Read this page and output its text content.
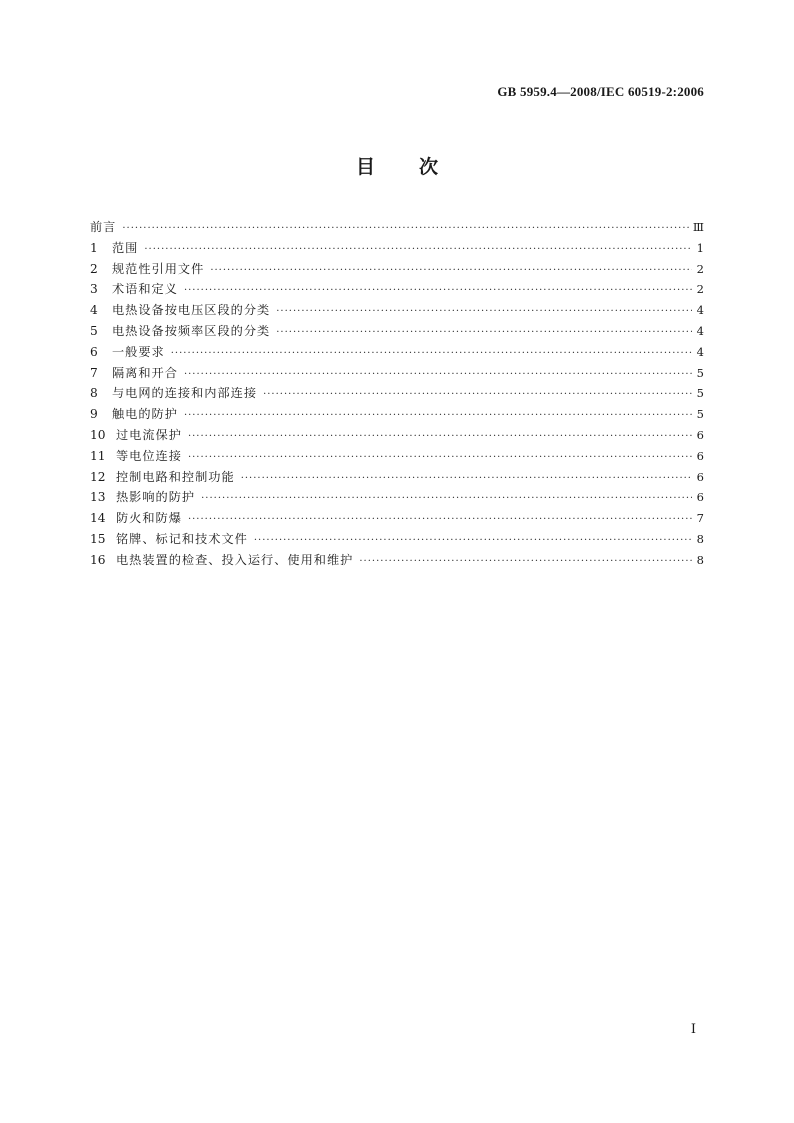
GB 5959.4—2008/IEC 60519-2:2006
目次
前言 ·····	Ⅲ
1	范围 ·····	1
2	规范性引用文件 ·····	2
3	术语和定义 ·····	2
4	电热设备按电压区段的分类 ·····	4
5	电热设备按频率区段的分类 ·····	4
6	一般要求 ·····	4
7	隔离和开合 ·····	5
8	与电网的连接和内部连接 ·····	5
9	触电的防护 ·····	5
10 过电流保护 ·····	6
11 等电位连接 ·····	6
12 控制电路和控制功能 ·····	6
13 热影响的防护 ·····	6
14 防火和防爆 ·····	7
15 铭牌、标记和技术文件 ·····	8
16 电热装置的检查、投入运行、使用和维护 ·····	8
I
